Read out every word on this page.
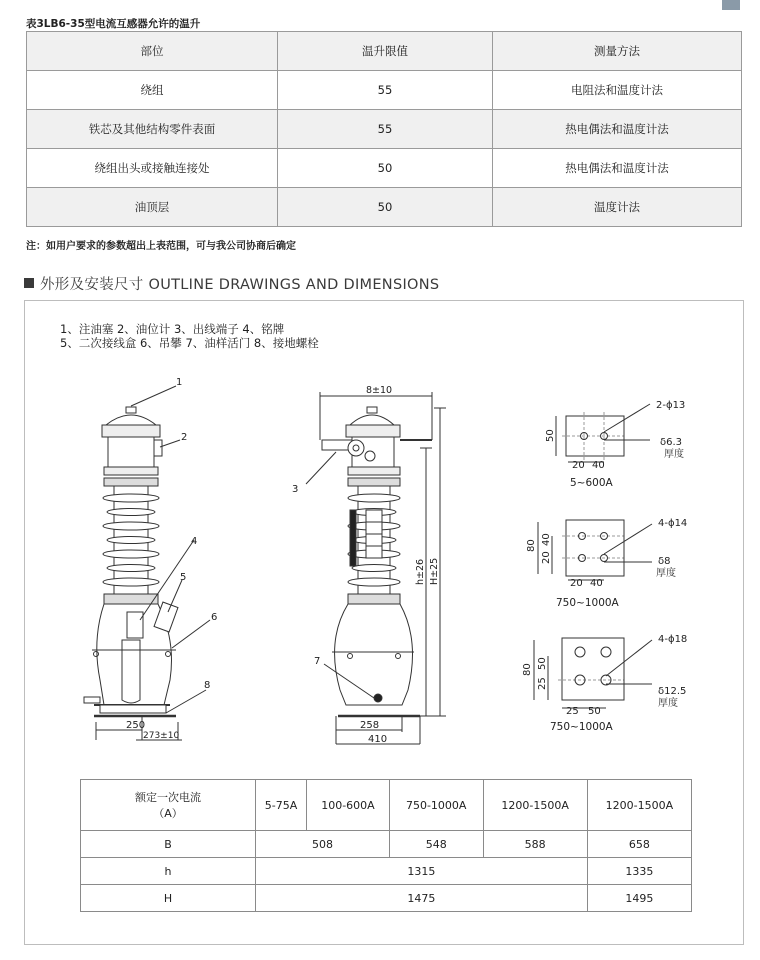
表3LB6-35型电流互感器允许的温升
部位	温升限值	测量方法
绕组	55	电阻法和温度计法
铁芯及其他结构零件表面	55	热电偶法和温度计法
绕组出头或接触连接处	50	热电偶法和温度计法
油顶层	50	温度计法
注：如用户要求的参数超出上表范围，可与我公司协商后确定
外形及安装尺寸 OUTLINE DRAWINGS AND DIMENSIONS
1、注油塞 2、油位计 3、出线端子 4、铭牌
5、二次接线盒 6、吊攀 7、油样活门 8、接地螺栓
1
2
4
5
6
8
250
273±10
3
7
8±10
h±26 H±25
258
410
50
20 40
2-ϕ13
δ6.3
厚度
5~600A
80
20
40
20 40
4-ϕ14
δ8
厚度
750~1000A
80
25
50
25 50
4-ϕ18
δ12.5
厚度
750~1000A
额定一次电流
（A）	5-75A	100-600A	750-1000A	1200-1500A	1200-1500A
B	508		548	588	658
h	1315				1335
H	1475				1495
